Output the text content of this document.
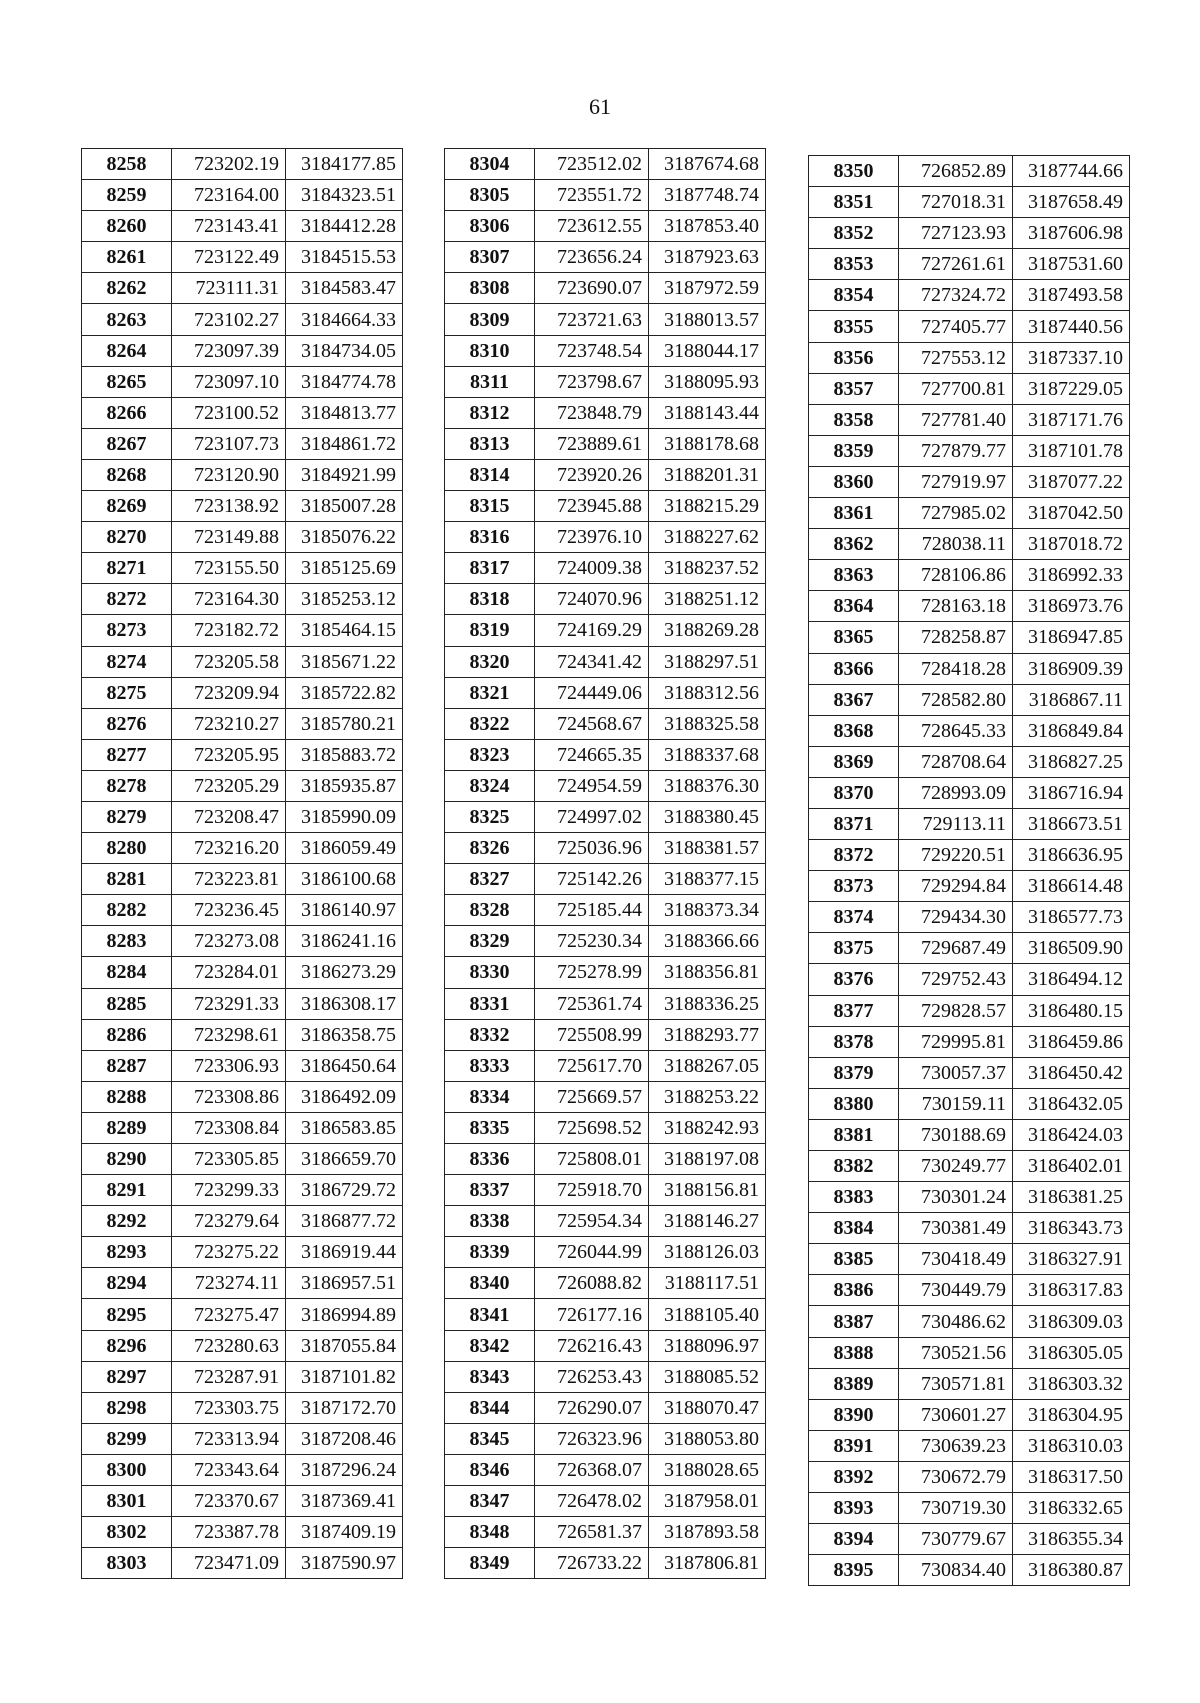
61
8258	723202.19	3184177.85
8259	723164.00	3184323.51
8260	723143.41	3184412.28
8261	723122.49	3184515.53
8262	723111.31	3184583.47
8263	723102.27	3184664.33
8264	723097.39	3184734.05
8265	723097.10	3184774.78
8266	723100.52	3184813.77
8267	723107.73	3184861.72
8268	723120.90	3184921.99
8269	723138.92	3185007.28
8270	723149.88	3185076.22
8271	723155.50	3185125.69
8272	723164.30	3185253.12
8273	723182.72	3185464.15
8274	723205.58	3185671.22
8275	723209.94	3185722.82
8276	723210.27	3185780.21
8277	723205.95	3185883.72
8278	723205.29	3185935.87
8279	723208.47	3185990.09
8280	723216.20	3186059.49
8281	723223.81	3186100.68
8282	723236.45	3186140.97
8283	723273.08	3186241.16
8284	723284.01	3186273.29
8285	723291.33	3186308.17
8286	723298.61	3186358.75
8287	723306.93	3186450.64
8288	723308.86	3186492.09
8289	723308.84	3186583.85
8290	723305.85	3186659.70
8291	723299.33	3186729.72
8292	723279.64	3186877.72
8293	723275.22	3186919.44
8294	723274.11	3186957.51
8295	723275.47	3186994.89
8296	723280.63	3187055.84
8297	723287.91	3187101.82
8298	723303.75	3187172.70
8299	723313.94	3187208.46
8300	723343.64	3187296.24
8301	723370.67	3187369.41
8302	723387.78	3187409.19
8303	723471.09	3187590.97
8304	723512.02	3187674.68
8305	723551.72	3187748.74
8306	723612.55	3187853.40
8307	723656.24	3187923.63
8308	723690.07	3187972.59
8309	723721.63	3188013.57
8310	723748.54	3188044.17
8311	723798.67	3188095.93
8312	723848.79	3188143.44
8313	723889.61	3188178.68
8314	723920.26	3188201.31
8315	723945.88	3188215.29
8316	723976.10	3188227.62
8317	724009.38	3188237.52
8318	724070.96	3188251.12
8319	724169.29	3188269.28
8320	724341.42	3188297.51
8321	724449.06	3188312.56
8322	724568.67	3188325.58
8323	724665.35	3188337.68
8324	724954.59	3188376.30
8325	724997.02	3188380.45
8326	725036.96	3188381.57
8327	725142.26	3188377.15
8328	725185.44	3188373.34
8329	725230.34	3188366.66
8330	725278.99	3188356.81
8331	725361.74	3188336.25
8332	725508.99	3188293.77
8333	725617.70	3188267.05
8334	725669.57	3188253.22
8335	725698.52	3188242.93
8336	725808.01	3188197.08
8337	725918.70	3188156.81
8338	725954.34	3188146.27
8339	726044.99	3188126.03
8340	726088.82	3188117.51
8341	726177.16	3188105.40
8342	726216.43	3188096.97
8343	726253.43	3188085.52
8344	726290.07	3188070.47
8345	726323.96	3188053.80
8346	726368.07	3188028.65
8347	726478.02	3187958.01
8348	726581.37	3187893.58
8349	726733.22	3187806.81
8350	726852.89	3187744.66
8351	727018.31	3187658.49
8352	727123.93	3187606.98
8353	727261.61	3187531.60
8354	727324.72	3187493.58
8355	727405.77	3187440.56
8356	727553.12	3187337.10
8357	727700.81	3187229.05
8358	727781.40	3187171.76
8359	727879.77	3187101.78
8360	727919.97	3187077.22
8361	727985.02	3187042.50
8362	728038.11	3187018.72
8363	728106.86	3186992.33
8364	728163.18	3186973.76
8365	728258.87	3186947.85
8366	728418.28	3186909.39
8367	728582.80	3186867.11
8368	728645.33	3186849.84
8369	728708.64	3186827.25
8370	728993.09	3186716.94
8371	729113.11	3186673.51
8372	729220.51	3186636.95
8373	729294.84	3186614.48
8374	729434.30	3186577.73
8375	729687.49	3186509.90
8376	729752.43	3186494.12
8377	729828.57	3186480.15
8378	729995.81	3186459.86
8379	730057.37	3186450.42
8380	730159.11	3186432.05
8381	730188.69	3186424.03
8382	730249.77	3186402.01
8383	730301.24	3186381.25
8384	730381.49	3186343.73
8385	730418.49	3186327.91
8386	730449.79	3186317.83
8387	730486.62	3186309.03
8388	730521.56	3186305.05
8389	730571.81	3186303.32
8390	730601.27	3186304.95
8391	730639.23	3186310.03
8392	730672.79	3186317.50
8393	730719.30	3186332.65
8394	730779.67	3186355.34
8395	730834.40	3186380.87
